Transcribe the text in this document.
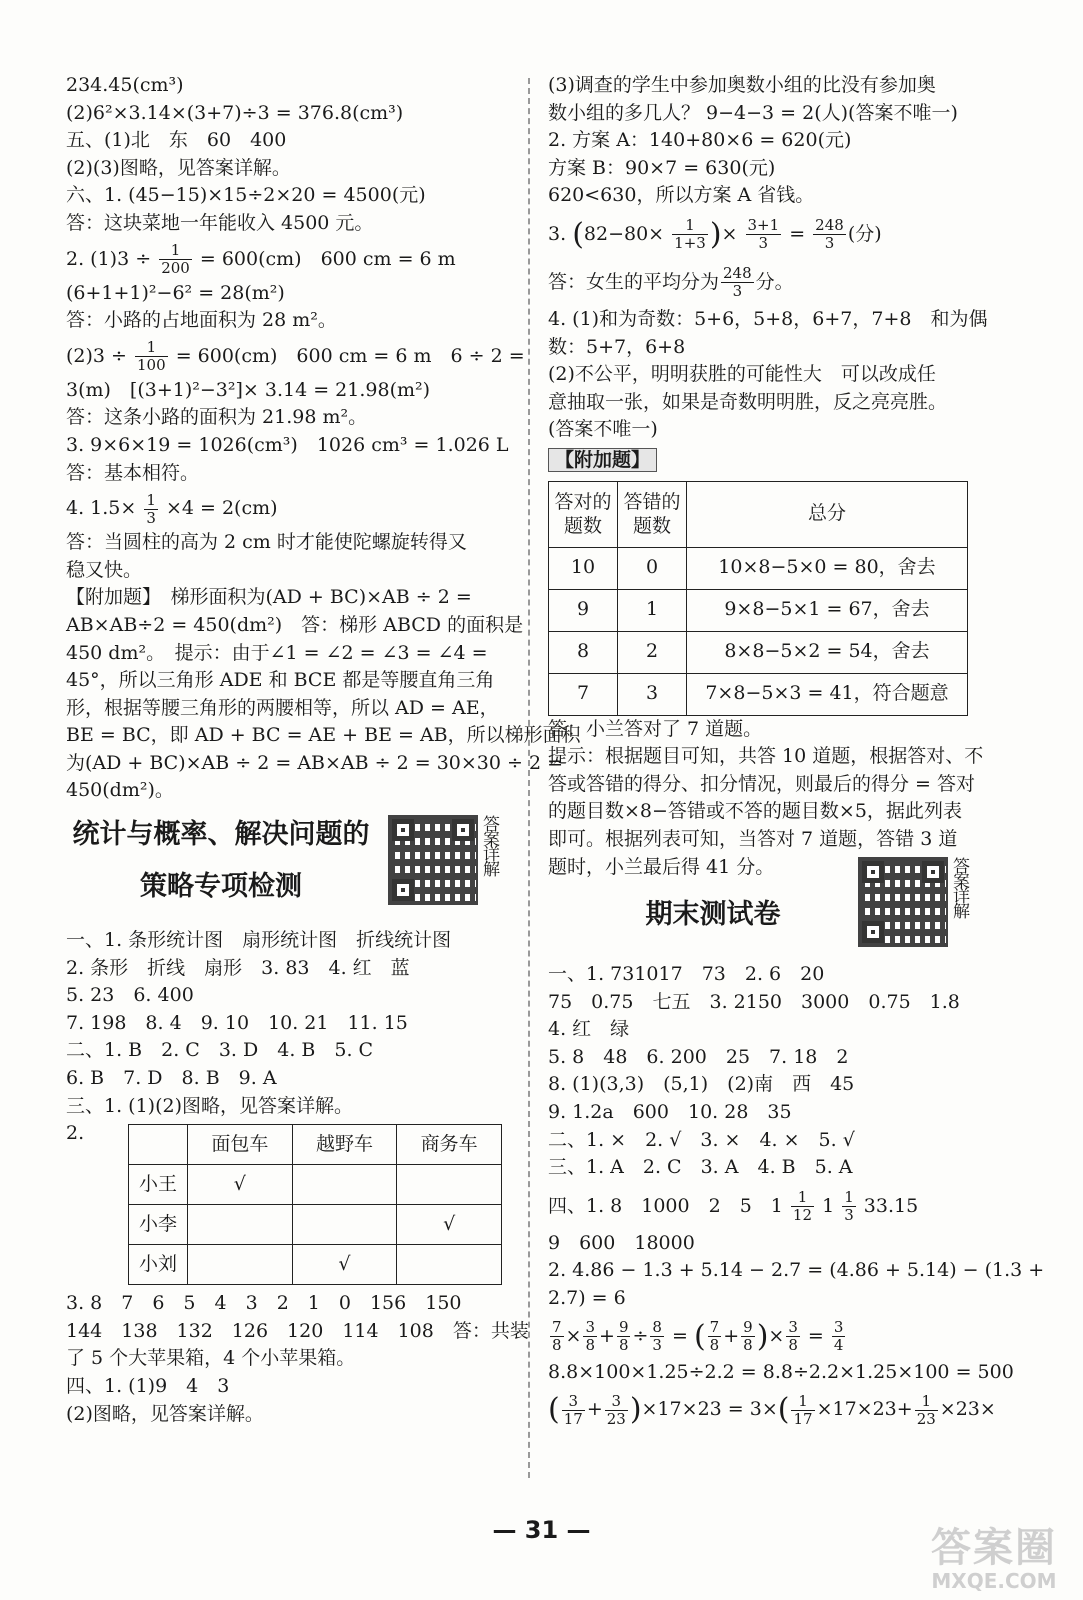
234.45(cm³)
(2)6²×3.14×(3+7)÷3 = 376.8(cm³)
五、(1)北　东　60　400
(2)(3)图略，见答案详解。
六、1. (45−15)×15÷2×20 = 4500(元)
答：这块菜地一年能收入 4500 元。
2. $(1)3 \div \frac{1}{200} = 600(cm)$　600 cm = 6 m
(6+1+1)²−6² = 28(m²)
答：小路的占地面积为 28 m²。
$(2)3 \div \frac{1}{100} = 600(cm)$　600 cm = 6 m　6 ÷ 2 =
3(m)　[(3+1)²−3²]× 3.14 = 21.98(m²)
答：这条小路的面积为 21.98 m²。
3. 9×6×19 = 1026(cm³)　1026 cm³ = 1.026 L
答：基本相符。
4. $1.5\times \frac{1}{3} \times 4 = 2(cm)$
答：当圆柱的高为 2 cm 时才能使陀螺旋转得又
稳又快。
【附加题】　梯形面积为(AD + BC)×AB ÷ 2 =
AB×AB÷2 = 450(dm²)　答：梯形 ABCD 的面积是
450 dm²。　提示：由于∠1 = ∠2 = ∠3 = ∠4 =
45°，所以三角形 ADE 和 BCE 都是等腰直角三角
形，根据等腰三角形的两腰相等，所以 AD = AE，
BE = BC，即 AD + BC = AE + BE = AB，所以梯形面积
为(AD + BC)×AB ÷ 2 = AB×AB ÷ 2 = 30×30 ÷ 2 =
450(dm²)。
统计与概率、解决问题的
策略专项检测
答案详解
一、1. 条形统计图　扇形统计图　折线统计图
2. 条形　折线　扇形　3. 83　4. 红　蓝
5. 23　6. 400
7. 198　8. 4　9. 10　10. 21　11. 15
二、1. B　2. C　3. D　4. B　5. C
6. B　7. D　8. B　9. A
三、1. (1)(2)图略，见答案详解。
2.
		面包车	越野车	商务车
小王	√		
小李			√
小刘		√	
3. 8　7　6　5　4　3　2　1　0　156　150
144　138　132　126　120　114　108　答：共装
了 5 个大苹果箱，4 个小苹果箱。
四、1. (1)9　4　3
(2)图略，见答案详解。
(3)调查的学生中参加奥数小组的比没有参加奥
数小组的多几人？ 9−4−3 = 2(人)(答案不唯一)
2. 方案 A：140+80×6 = 620(元)
方案 B：90×7 = 630(元)
620<630，所以方案 A 省钱。
3. ($82-80\times \frac{1}{1+3}$ )× $\frac{3+1}{3} = \frac{248}{3}$ (分)
答：女生的平均分为 $\frac{248}{3}$ 分。
4. (1)和为奇数：5+6，5+8，6+7，7+8　和为偶
数：5+7，6+8
(2)不公平，明明获胜的可能性大　可以改成任
意抽取一张，如果是奇数明明胜，反之亮亮胜。
(答案不唯一)
【附加题】
答对的
题数	答错的
题数	总分
10	0	10×8−5×0 = 80，舍去
9	1	9×8−5×1 = 67，舍去
8	2	8×8−5×2 = 54，舍去
7	3	7×8−5×3 = 41，符合题意
答：小兰答对了 7 道题。
提示：根据题目可知，共答 10 道题，根据答对、不
答或答错的得分、扣分情况，则最后的得分 = 答对
的题目数×8−答错或不答的题目数×5，据此列表
即可。根据列表可知，当答对 7 道题，答错 3 道
题时，小兰最后得 41 分。
期末测试卷	答案详解
一、1. 731017　73　2. 6　20
75　0.75　七五　3. 2150　3000　0.75　1.8
4. 红　绿
5. 8　48　6. 200　25　7. 18　2
8. (1)(3,3)　(5,1)　(2)南　西　45
9. 1.2a　600　10. 28　35
二、1. ×　2. √　3. ×　4. ×　5. √
三、1. A　2. C　3. A　4. B　5. A
四、1. 8　1000　2　5　$1 \frac{1}{12} 1 \frac{1}{3} 33.15$
9　600　18000
2. 4.86 − 1.3 + 5.14 − 2.7 = (4.86 + 5.14) − (1.3 +
2.7) = 6
$\frac{7}{8} \times \frac{3}{8} + \frac{9}{8} \div \frac{8}{3}$ = ( $\frac{7}{8} + \frac{9}{8}$ )× $\frac{3}{8} = \frac{3}{4}$
8.8×100×1.25÷2.2 = 8.8÷2.2×1.25×100 = 500
( $\frac{3}{17} + \frac{3}{23} )\times 17\times 23 = 3\times( \frac{1}{17} \times 17\times 23+ \frac{1}{23} \times 23\times$
— 31 —	答案圈
MXQE.COM
